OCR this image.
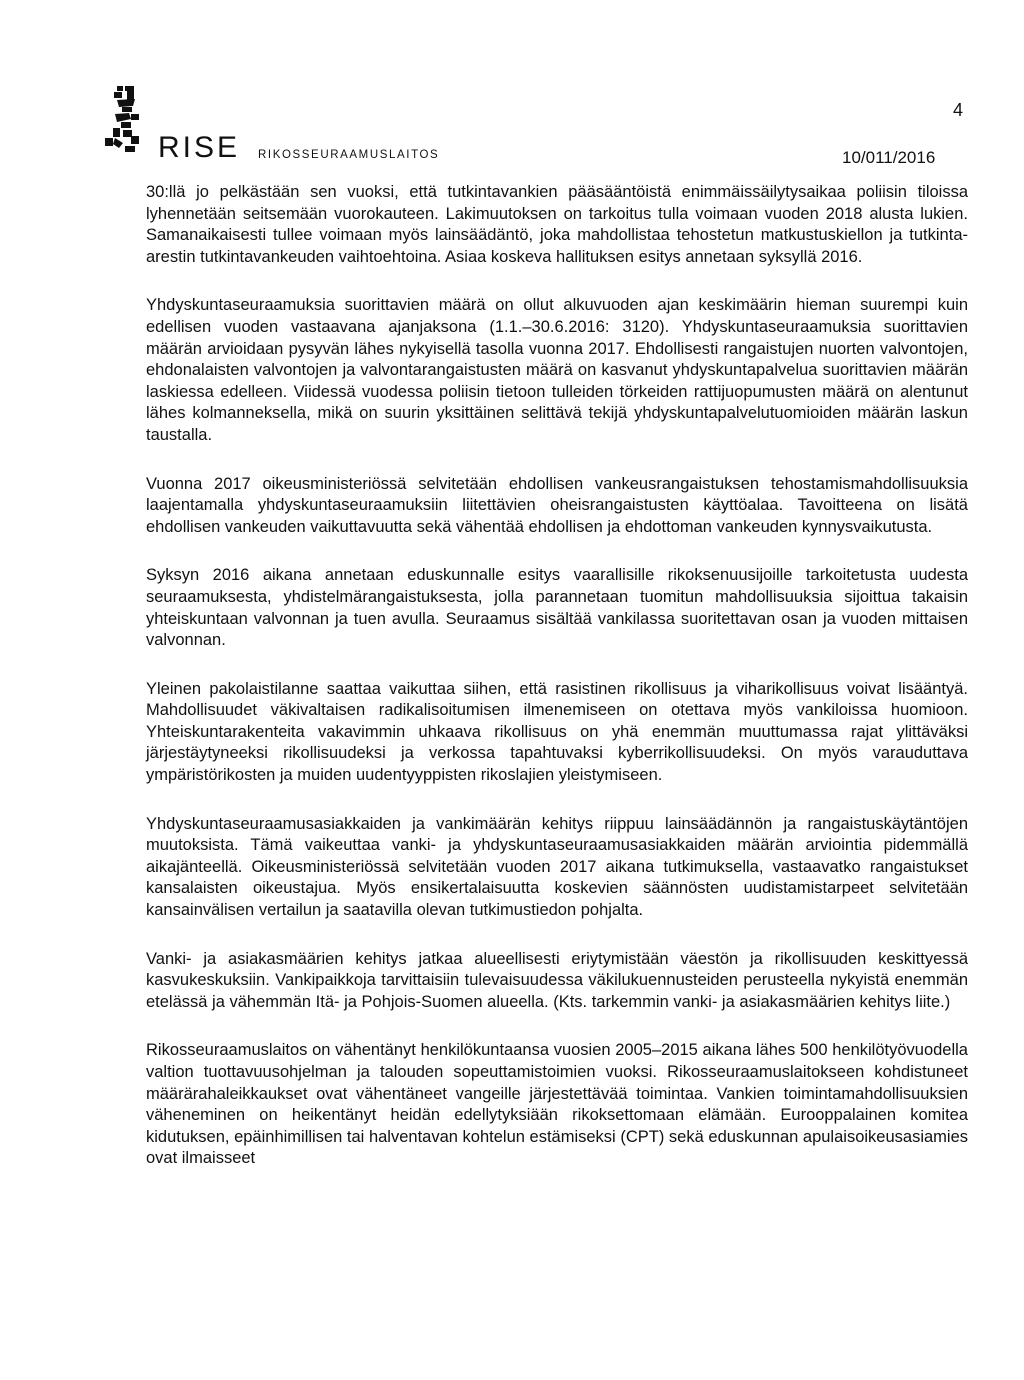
4
RISE RIKOSSEURAAMUSLAITOS	10/011/2016

30:llä jo pelkästään sen vuoksi, että tutkintavankien pääsääntöistä enimmäissäilytysaikaa poliisin tiloissa lyhennetään seitsemään vuorokauteen. Lakimuutoksen on tarkoitus tulla voimaan vuoden 2018 alusta lukien. Samanaikaisesti tullee voimaan myös lainsäädäntö, joka mahdollistaa tehostetun matkustuskiellon ja tutkinta-arestin tutkintavankeuden vaihtoehtoina. Asiaa koskeva hallituksen esitys annetaan syksyllä 2016.

Yhdyskuntaseuraamuksia suorittavien määrä on ollut alkuvuoden ajan keskimäärin hieman suurempi kuin edellisen vuoden vastaavana ajanjaksona (1.1.–30.6.2016: 3120). Yhdyskuntaseuraamuksia suorittavien määrän arvioidaan pysyvän lähes nykyisellä tasolla vuonna 2017. Ehdollisesti rangaistujen nuorten valvontojen, ehdonalaisten valvontojen ja valvontarangaistusten määrä on kasvanut yhdyskuntapalvelua suorittavien määrän laskiessa edelleen. Viidessä vuodessa poliisin tietoon tulleiden törkeiden rattijuopumusten määrä on alentunut lähes kolmanneksella, mikä on suurin yksittäinen selittävä tekijä yhdyskuntapalvelutuomioiden määrän laskun taustalla.

Vuonna 2017 oikeusministeriössä selvitetään ehdollisen vankeusrangaistuksen tehostamismahdollisuuksia laajentamalla yhdyskuntaseuraamuksiin liitettävien oheisrangaistusten käyttöalaa. Tavoitteena on lisätä ehdollisen vankeuden vaikuttavuutta sekä vähentää ehdollisen ja ehdottoman vankeuden kynnysvaikutusta.

Syksyn 2016 aikana annetaan eduskunnalle esitys vaarallisille rikoksenuusijoille tarkoitetusta uudesta seuraamuksesta, yhdistelmärangaistuksesta, jolla parannetaan tuomitun mahdollisuuksia sijoittua takaisin yhteiskuntaan valvonnan ja tuen avulla. Seuraamus sisältää vankilassa suoritettavan osan ja vuoden mittaisen valvonnan.

Yleinen pakolaistilanne saattaa vaikuttaa siihen, että rasistinen rikollisuus ja viharikollisuus voivat lisääntyä. Mahdollisuudet väkivaltaisen radikalisoitumisen ilmenemiseen on otettava myös vankiloissa huomioon. Yhteiskuntarakenteita vakavimmin uhkaava rikollisuus on yhä enemmän muuttumassa rajat ylittäväksi järjestäytyneeksi rikollisuudeksi ja verkossa tapahtuvaksi kyberrikollisuudeksi. On myös varauduttava ympäristörikosten ja muiden uudentyyppisten rikoslajien yleistymiseen.

Yhdyskuntaseuraamusasiakkaiden ja vankimäärän kehitys riippuu lainsäädännön ja rangaistuskäytäntöjen muutoksista. Tämä vaikeuttaa vanki- ja yhdyskuntaseuraamusasiakkaiden määrän arviointia pidemmällä aikajänteellä. Oikeusministeriössä selvitetään vuoden 2017 aikana tutkimuksella, vastaavatko rangaistukset kansalaisten oikeustajua. Myös ensikertalaisuutta koskevien säännösten uudistamistarpeet selvitetään kansainvälisen vertailun ja saatavilla olevan tutkimustiedon pohjalta.

Vanki- ja asiakasmäärien kehitys jatkaa alueellisesti eriytymistään väestön ja rikollisuuden keskittyessä kasvukeskuksiin. Vankipaikkoja tarvittaisiin tulevaisuudessa väkilukuennusteiden perusteella nykyistä enemmän etelässä ja vähemmän Itä- ja Pohjois-Suomen alueella. (Kts. tarkemmin vanki- ja asiakasmäärien kehitys liite.)

Rikosseuraamuslaitos on vähentänyt henkilökuntaansa vuosien 2005–2015 aikana lähes 500 henkilötyövuodella valtion tuottavuusohjelman ja talouden sopeuttamistoimien vuoksi. Rikosseuraamuslaitokseen kohdistuneet määrärahaleikkaukset ovat vähentäneet vangeille järjestettävää toimintaa. Vankien toimintamahdollisuuksien väheneminen on heikentänyt heidän edellytyksiään rikoksettomaan elämään. Eurooppalainen komitea kidutuksen, epäinhimillisen tai halventavan kohtelun estämiseksi (CPT) sekä eduskunnan apulaisoikeusasiamies ovat ilmaisseet
